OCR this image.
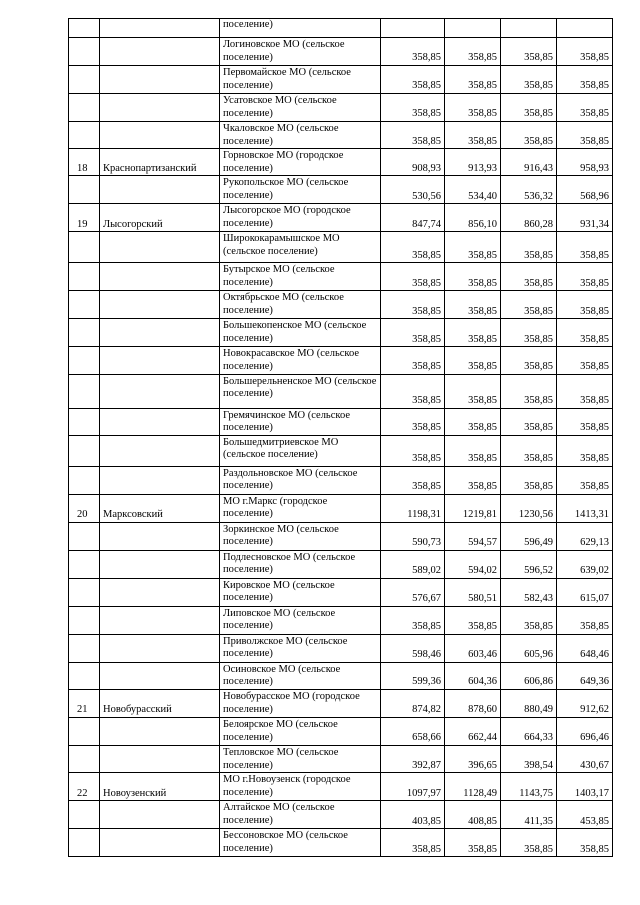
		поселение)				
		Логиновское МО (сельское поселение)	358,85	358,85	358,85	358,85
		Первомайское МО (сельское поселение)	358,85	358,85	358,85	358,85
		Усатовское МО (сельское поселение)	358,85	358,85	358,85	358,85
		Чкаловское МО (сельское поселение)	358,85	358,85	358,85	358,85
18	Краснопартизанский	Горновское МО (городское поселение)	908,93	913,93	916,43	958,93
		Рукопольское МО (сельское поселение)	530,56	534,40	536,32	568,96
19	Лысогорский	Лысогорское МО (городское поселение)	847,74	856,10	860,28	931,34
		Ширококарамышское МО (сельское поселение)	358,85	358,85	358,85	358,85
		Бутырское МО (сельское поселение)	358,85	358,85	358,85	358,85
		Октябрьское МО (сельское поселение)	358,85	358,85	358,85	358,85
		Большекопенское МО (сельское поселение)	358,85	358,85	358,85	358,85
		Новокрасавское МО (сельское поселение)	358,85	358,85	358,85	358,85
		Большерельненское МО (сельское поселение)	358,85	358,85	358,85	358,85
		Гремячинское МО (сельское поселение)	358,85	358,85	358,85	358,85
		Большедмитриевское МО (сельское поселение)	358,85	358,85	358,85	358,85
		Раздольновское МО (сельское поселение)	358,85	358,85	358,85	358,85
20	Марксовский	МО г.Маркс (городское поселение)	1198,31	1219,81	1230,56	1413,31
		Зоркинское МО (сельское поселение)	590,73	594,57	596,49	629,13
		Подлесновское МО (сельское поселение)	589,02	594,02	596,52	639,02
		Кировское МО (сельское поселение)	576,67	580,51	582,43	615,07
		Липовское МО (сельское поселение)	358,85	358,85	358,85	358,85
		Приволжское МО (сельское поселение)	598,46	603,46	605,96	648,46
		Осиновское МО (сельское поселение)	599,36	604,36	606,86	649,36
21	Новобурасский	Новобурасское МО (городское поселение)	874,82	878,60	880,49	912,62
		Белоярское МО (сельское поселение)	658,66	662,44	664,33	696,46
		Тепловское МО (сельское поселение)	392,87	396,65	398,54	430,67
22	Новоузенский	МО г.Новоузенск (городское поселение)	1097,97	1128,49	1143,75	1403,17
		Алтайское МО (сельское поселение)	403,85	408,85	411,35	453,85
		Бессоновское МО (сельское поселение)	358,85	358,85	358,85	358,85
